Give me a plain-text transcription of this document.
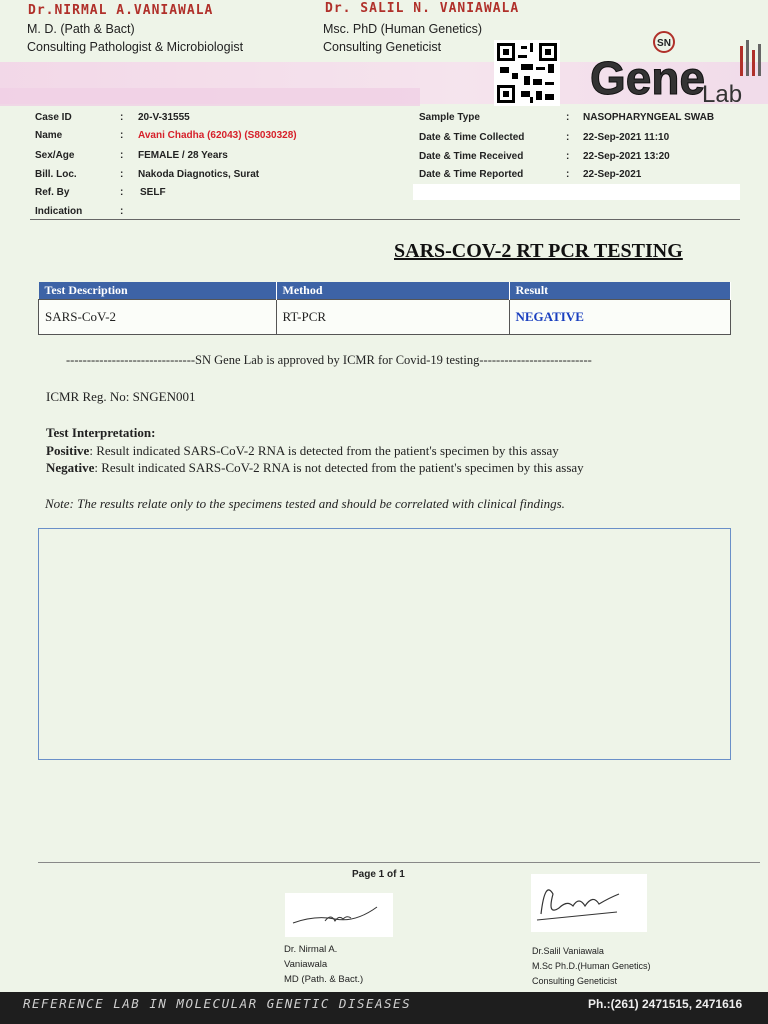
Dr.NIRMAL A.VANIAWALA
M. D. (Path & Bact)
Consulting Pathologist & Microbiologist
Dr. SALIL N. VANIAWALA
Msc. PhD (Human Genetics)
Consulting Geneticist	SN
Gene
Lab
Case ID	: 20-V-31555
Name	: Avani Chadha (62043) (S8030328)
Sex/Age	: FEMALE / 28 Years
Bill. Loc.	: Nakoda Diagnotics, Surat
Ref. By	: SELF
Indication	:
Sample Type	: NASOPHARYNGEAL SWAB
Date & Time Collected	: 22-Sep-2021 11:10
Date & Time Received	: 22-Sep-2021 13:20
Date & Time Reported	: 22-Sep-2021
SARS-COV-2 RT PCR TESTING
Test Description	Method	Result
SARS-CoV-2	RT-PCR	NEGATIVE
-------------------------------SN Gene Lab is approved by ICMR for Covid-19 testing---------------------------
ICMR Reg. No: SNGEN001
Test Interpretation:
Positive: Result indicated SARS-CoV-2 RNA is detected from the patient's specimen by this assay
Negative: Result indicated SARS-CoV-2 RNA is not detected from the patient's specimen by this assay
Note: The results relate only to the specimens tested and should be correlated with clinical findings.
Page 1 of 1
Dr. Nirmal A.
Vaniawala
MD (Path. & Bact.)
Dr.Salil Vaniawala
M.Sc Ph.D.(Human Genetics)
Consulting Geneticist
REFERENCE LAB IN MOLECULAR GENETIC DISEASES	Ph.:(261) 2471515, 2471616
